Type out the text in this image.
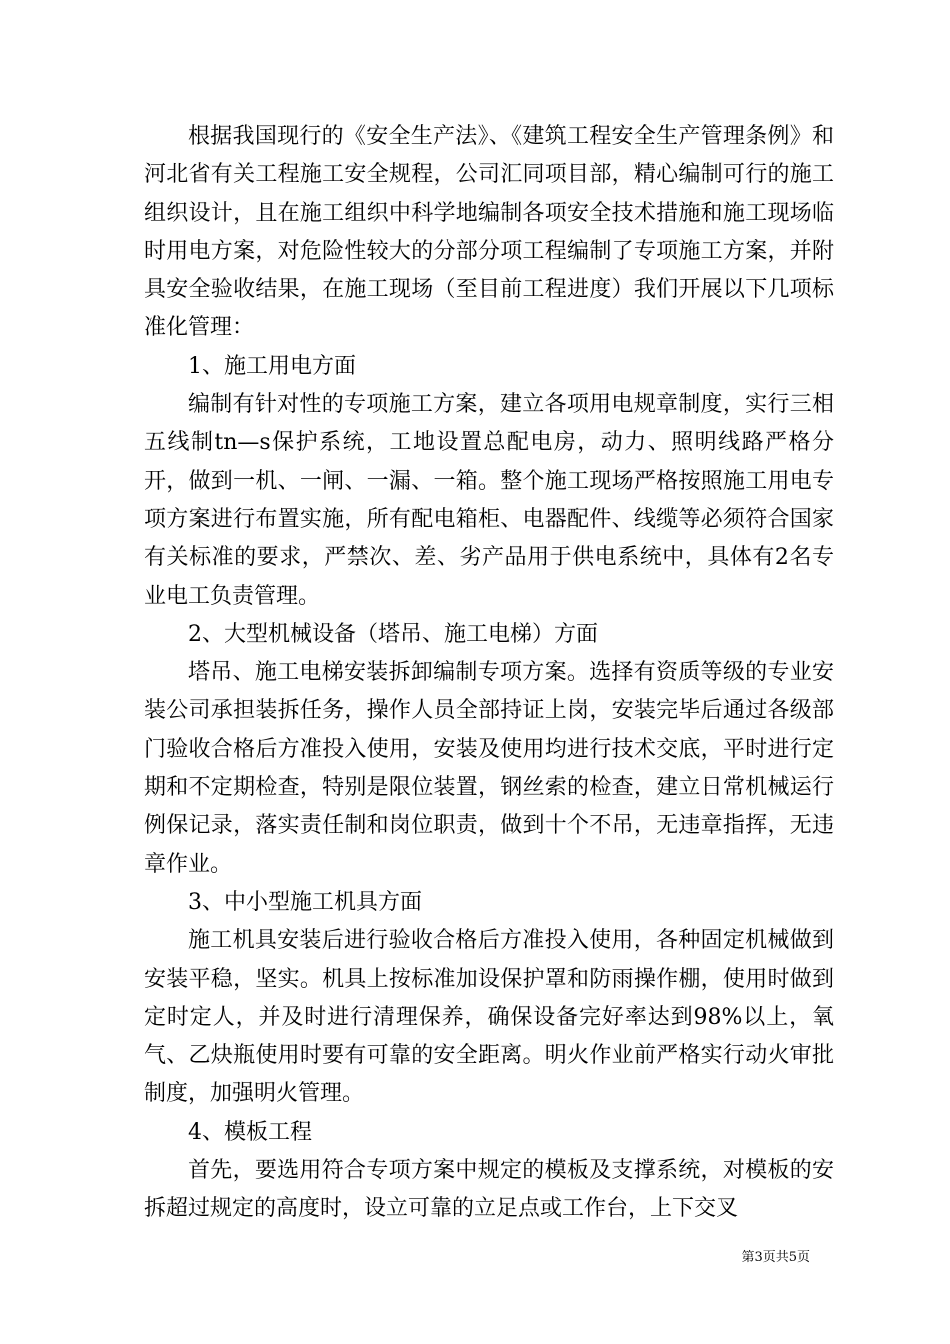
根据我国现行的《安全生产法》、《建筑工程安全生产管理条例》和河北省有关工程施工安全规程，公司汇同项目部，精心编制可行的施工组织设计，且在施工组织中科学地编制各项安全技术措施和施工现场临时用电方案，对危险性较大的分部分项工程编制了专项施工方案，并附具安全验收结果，在施工现场（至目前工程进度）我们开展以下几项标准化管理：

1、施工用电方面

编制有针对性的专项施工方案，建立各项用电规章制度，实行三相五线制tn—s保护系统，工地设置总配电房，动力、照明线路严格分开，做到一机、一闸、一漏、一箱。整个施工现场严格按照施工用电专项方案进行布置实施，所有配电箱柜、电器配件、线缆等必须符合国家有关标准的要求，严禁次、差、劣产品用于供电系统中，具体有2名专业电工负责管理。

2、大型机械设备（塔吊、施工电梯）方面

塔吊、施工电梯安装拆卸编制专项方案。选择有资质等级的专业安装公司承担装拆任务，操作人员全部持证上岗，安装完毕后通过各级部门验收合格后方准投入使用，安装及使用均进行技术交底，平时进行定期和不定期检查，特别是限位装置，钢丝索的检查，建立日常机械运行例保记录，落实责任制和岗位职责，做到十个不吊，无违章指挥，无违章作业。

3、中小型施工机具方面

施工机具安装后进行验收合格后方准投入使用，各种固定机械做到安装平稳，坚实。机具上按标准加设保护罩和防雨操作棚，使用时做到定时定人，并及时进行清理保养，确保设备完好率达到98%以上，氧气、乙炔瓶使用时要有可靠的安全距离。明火作业前严格实行动火审批制度，加强明火管理。

4、模板工程

首先，要选用符合专项方案中规定的模板及支撑系统，对模板的安拆超过规定的高度时，设立可靠的立足点或工作台，上下交叉

第3页共5页
